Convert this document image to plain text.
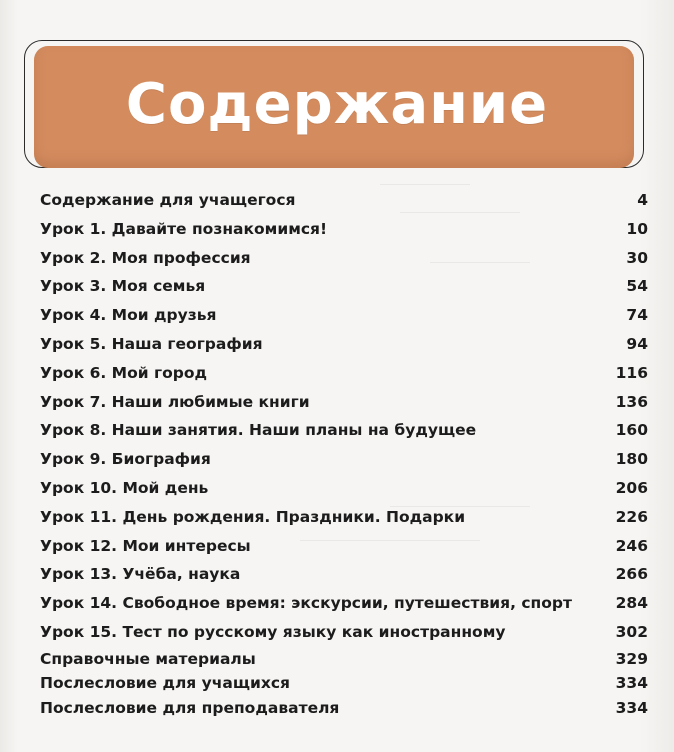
Содержание
Содержание для учащегося	4
Урок 1. Давайте познакомимся!	10
Урок 2. Моя профессия	30
Урок 3. Моя семья	54
Урок 4. Мои друзья	74
Урок 5. Наша география	94
Урок 6. Мой город	116
Урок 7. Наши любимые книги	136
Урок 8. Наши занятия. Наши планы на будущее	160
Урок 9. Биография	180
Урок 10. Мой день	206
Урок 11. День рождения. Праздники. Подарки	226
Урок 12. Мои интересы	246
Урок 13. Учёба, наука	266
Урок 14. Свободное время: экскурсии, путешествия, спорт	284
Урок 15. Тест по русскому языку как иностранному	302
Справочные материалы	329
Послесловие для учащихся	334
Послесловие для преподавателя	334
